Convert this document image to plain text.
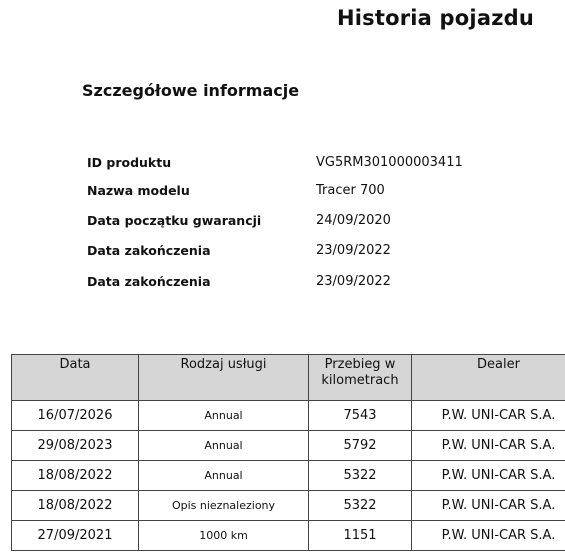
Historia pojazdu
Szczegółowe informacje
ID produktu	VG5RM301000003411
Nazwa modelu	Tracer 700
Data początku gwarancji	24/09/2020
Data zakończenia	23/09/2022
Data zakończenia	23/09/2022
Data	Rodzaj usługi	Przebieg w kilometrach	Dealer
16/07/2026	Annual	7543	P.W. UNI-CAR S.A.
29/08/2023	Annual	5792	P.W. UNI-CAR S.A.
18/08/2022	Annual	5322	P.W. UNI-CAR S.A.
18/08/2022	Opis nieznaleziony	5322	P.W. UNI-CAR S.A.
27/09/2021	1000 km	1151	P.W. UNI-CAR S.A.
